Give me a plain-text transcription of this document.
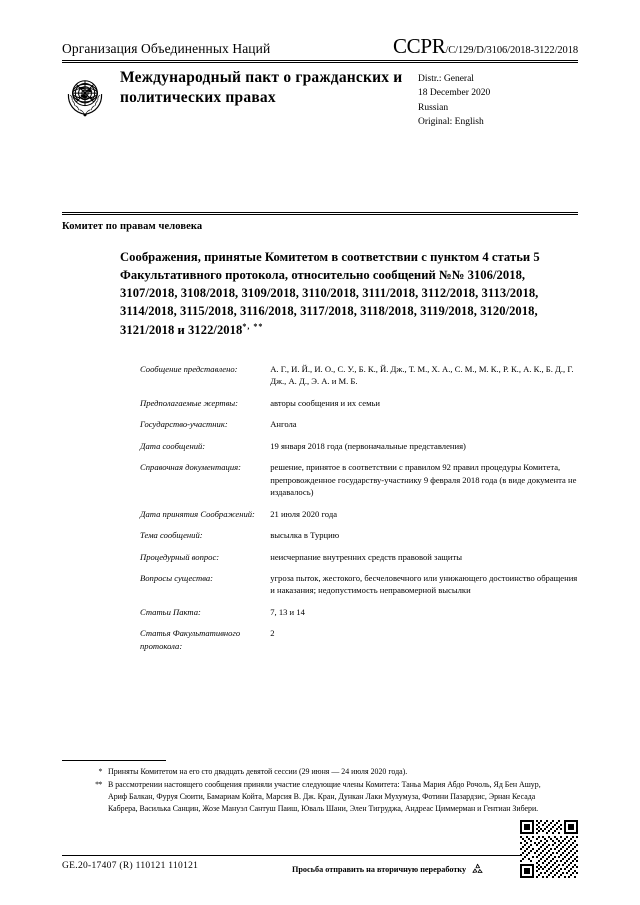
Организация Объединенных Наций	CCPR/C/129/D/3106/2018-3122/2018
Международный пакт о гражданских и политических правах
Distr.: General
18 December 2020
Russian
Original: English
Комитет по правам человека
Соображения, принятые Комитетом в соответствии с пунктом 4 статьи 5 Факультативного протокола, относительно сообщений №№ 3106/2018, 3107/2018, 3108/2018, 3109/2018, 3110/2018, 3111/2018, 3112/2018, 3113/2018, 3114/2018, 3115/2018, 3116/2018, 3117/2018, 3118/2018, 3119/2018, 3120/2018, 3121/2018 и 3122/2018*, **
Сообщение представлено:	А. Г., И. Й., И. О., С. У., Б. К., Й. Дж., Т. М., Х. А., С. М., М. К., Р. К., А. К., Б. Д., Г. Дж., А. Д., Э. А. и М. Б.
Предполагаемые жертвы:	авторы сообщения и их семьи
Государство-участник:	Ангола
Дата сообщений:	19 января 2018 года (первоначальные представления)
Справочная документация:	решение, принятое в соответствии с правилом 92 правил процедуры Комитета, препровожденное государству-участнику 9 февраля 2018 года (в виде документа не издавалось)
Дата принятия Соображений:	21 июля 2020 года
Тема сообщений:	высылка в Турцию
Процедурный вопрос:	неисчерпание внутренних средств правовой защиты
Вопросы существа:	угроза пыток, жестокого, бесчеловечного или унижающего достоинство обращения и наказания; недопустимость неправомерной высылки
Статьи Пакта:	7, 13 и 14
Статья Факультативного протокола:	2
* Приняты Комитетом на его сто двадцать девятой сессии (29 июня — 24 июля 2020 года).
** В рассмотрении настоящего сообщения приняли участие следующие члены Комитета: Таньа Мария Абдо Рочоль, Яд Бен Ашур, Ариф Балкан, Фуруя Сюити, Бамариам Койта, Марсия В. Дж. Кран, Дункан Лаки Мухумуза, Фотини Пазардзис, Эрнан Кесада Кабрера, Василька Санцин, Жозе Мануэл Сантуш Паиш, Юваль Шани, Элен Тигруджа, Андреас Циммерман и Гентиан Зибери.
GE.20-17407 (R) 110121 110121	Просьба отправить на вторичную переработку
